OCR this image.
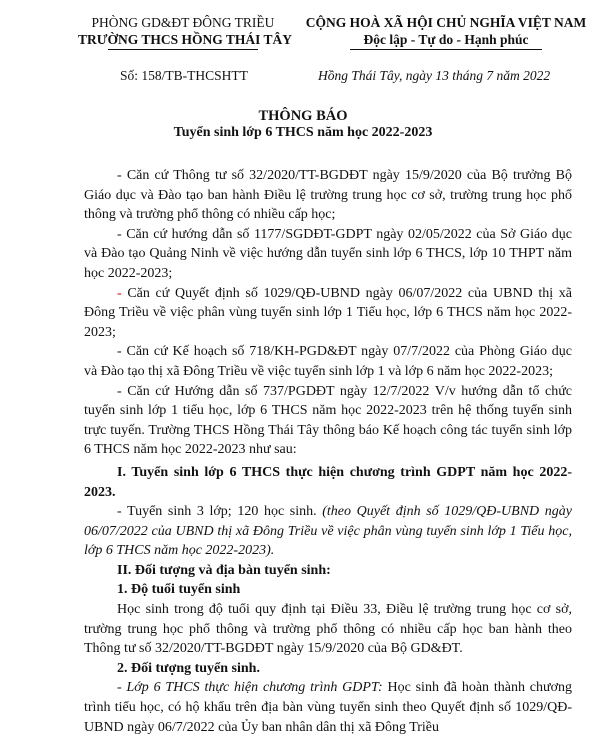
PHÒNG GD&ĐT ĐÔNG TRIỀU
TRƯỜNG THCS HỒNG THÁI TÂY
CỘNG HOÀ XÃ HỘI CHỦ NGHĨA VIỆT NAM
Độc lập - Tự do - Hạnh phúc
Số: 158/TB-THCSHTT	Hồng Thái Tây, ngày 13 tháng 7 năm 2022
THÔNG BÁO
Tuyển sinh lớp 6 THCS năm học 2022-2023

- Căn cứ Thông tư số 32/2020/TT-BGDĐT ngày 15/9/2020 của Bộ trưởng Bộ Giáo dục và Đào tạo ban hành Điều lệ trường trung học cơ sở, trường trung học phổ thông và trường phổ thông có nhiều cấp học;

- Căn cứ hướng dẫn số 1177/SGDĐT-GDPT ngày 02/05/2022 của Sở Giáo dục và Đào tạo Quảng Ninh về việc hướng dẫn tuyển sinh lớp 6 THCS, lớp 10 THPT năm học 2022-2023;

- Căn cứ Quyết định số 1029/QĐ-UBND ngày 06/07/2022 của UBND thị xã Đông Triều về việc phân vùng tuyển sinh lớp 1 Tiểu học, lớp 6 THCS năm học 2022-2023;

- Căn cứ Kế hoạch số 718/KH-PGD&ĐT ngày 07/7/2022 của Phòng Giáo dục và Đào tạo thị xã Đông Triều về việc tuyển sinh lớp 1 và lớp 6 năm học 2022-2023;

- Căn cứ Hướng dẫn số 737/PGDĐT ngày 12/7/2022 V/v hướng dẫn tổ chức tuyển sinh lớp 1 tiểu học, lớp 6 THCS năm học 2022-2023 trên hệ thống tuyển sinh trực tuyến. Trường THCS Hồng Thái Tây thông báo Kế hoạch công tác tuyển sinh lớp 6 THCS năm học 2022-2023 như sau:

I. Tuyển sinh lớp 6 THCS thực hiện chương trình GDPT năm học 2022-2023.

- Tuyển sinh 3 lớp; 120 học sinh. (theo Quyết định số 1029/QĐ-UBND ngày 06/07/2022 của UBND thị xã Đông Triều về việc phân vùng tuyển sinh lớp 1 Tiểu học, lớp 6 THCS năm học 2022-2023).

II. Đối tượng và địa bàn tuyển sinh:

1. Độ tuổi tuyển sinh

Học sinh trong độ tuổi quy định tại Điều 33, Điều lệ trường trung học cơ sở, trường trung học phổ thông và trường phổ thông có nhiều cấp học ban hành theo Thông tư số 32/2020/TT-BGDĐT ngày 15/9/2020 của Bộ GD&ĐT.

2. Đối tượng tuyển sinh.

- Lớp 6 THCS thực hiện chương trình GDPT: Học sinh đã hoàn thành chương trình tiểu học, có hộ khẩu trên địa bàn vùng tuyển sinh theo Quyết định số 1029/QĐ-UBND ngày 06/7/2022 của Ủy ban nhân dân thị xã Đông Triều
